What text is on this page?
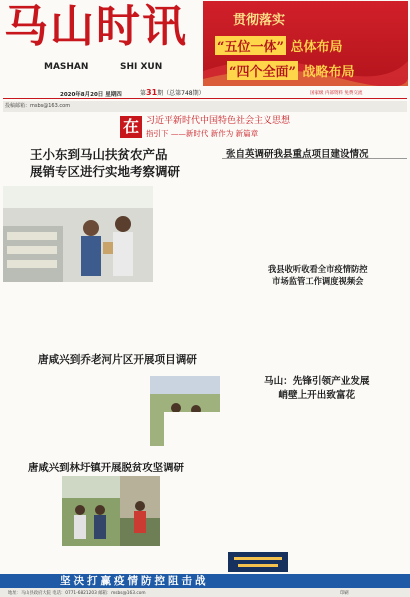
马山时讯
MASHAN	SHI XUN
2020年8月20日 星期四	第31期（总第748期）
贯彻落实
“五位一体” 总体布局
“四个全面” 战略布局
国家级 内部资料 免费交流
投稿邮箱：msbs@163.com
在 习近平新时代中国特色社会主义思想
指引下 ——新时代 新作为 新篇章
王小东到马山扶贫农产品
展销专区进行实地考察调研
张自英调研我县重点项目建设情况
我县收听收看全市疫情防控
市场监管工作调度视频会
唐咸兴到乔老河片区开展项目调研
马山：先锋引领产业发展
峭壁上开出致富花
唐咸兴到林圩镇开展脱贫攻坚调研
坚决打赢疫情防控阻击战
地址：马山县政府大院 电话：0771-6821203 邮箱：msbs@163.com	印刷
